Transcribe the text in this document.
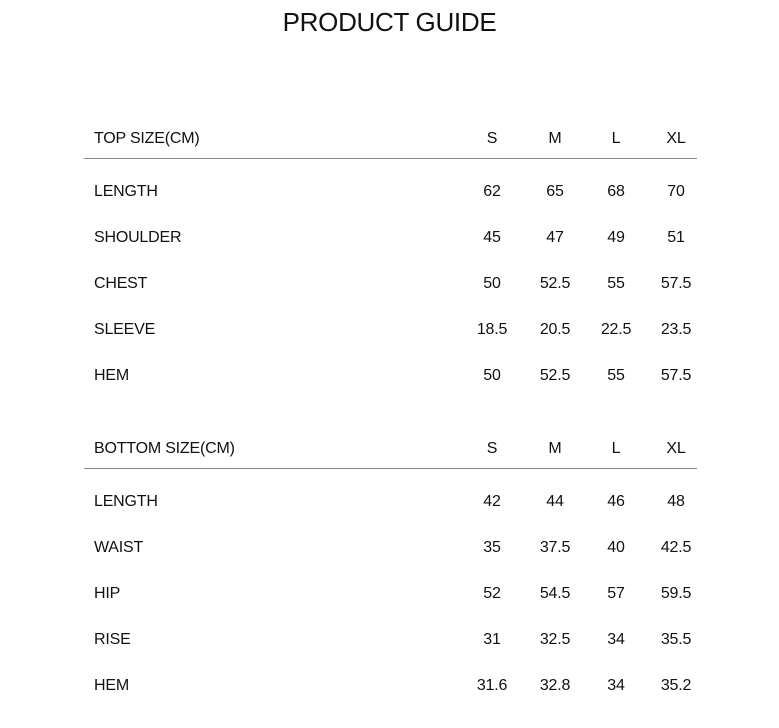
PRODUCT GUIDE
TOP SIZE(CM)	S	M	L	XL
LENGTH	62	65	68	70
SHOULDER	45	47	49	51
CHEST	50	52.5	55	57.5
SLEEVE	18.5	20.5	22.5	23.5
HEM	50	52.5	55	57.5
BOTTOM SIZE(CM)	S	M	L	XL
LENGTH	42	44	46	48
WAIST	35	37.5	40	42.5
HIP	52	54.5	57	59.5
RISE	31	32.5	34	35.5
HEM	31.6	32.8	34	35.2
